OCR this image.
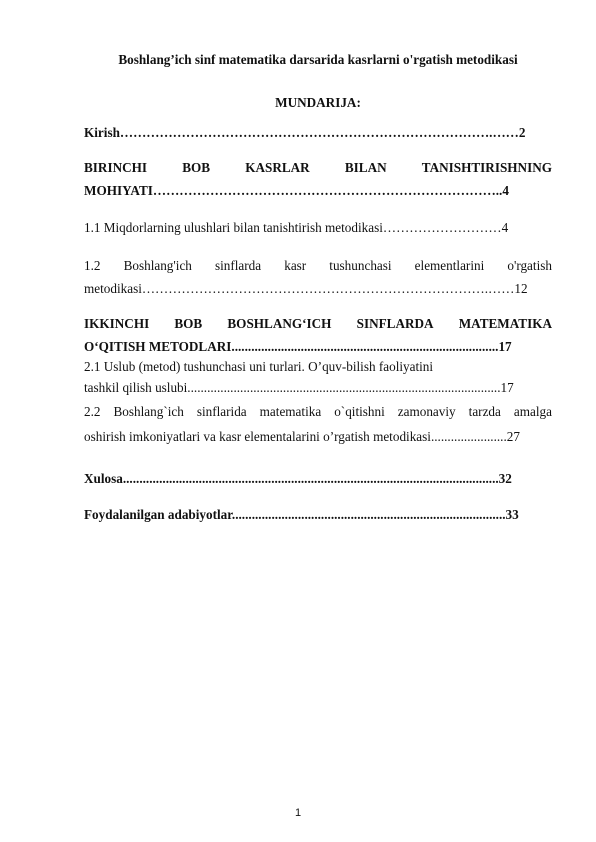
Boshlang’ich sinf matematika darsarida kasrlarni o'rgatish metodikasi
MUNDARIJA:
Kirish………………………………………………………………………….……2
BIRINCHI	BOB	KASRLAR	BILAN	TANISHTIRISHNING
MOHIYATI……………………………………………………………………..4
1.1 Miqdorlarning ulushlari bilan tanishtirish metodikasi………………………4
1.2 Boshlang'ich sinflarda kasr tushunchasi elementlarini o'rgatish
metodikasi…………………………………………………………………….……12
IKKINCHI BOB BOSHLANG‘ICH SINFLARDA MATEMATIKA
O‘QITISH METODLARI.................................................................................17
2.1 Uslub (metod) tushunchasi uni turlari. O’quv-bilish faoliyatini
tashkil qilish uslubi...............................................................................................17
2.2 Boshlang`ich sinflarida matematika o`qitishni zamonaviy tarzda amalga
oshirish imkoniyatlari va kasr elementalarini o’rgatish metodikasi.......................27
Xulosa..................................................................................................................32
Foydalanilgan adabiyotlar...................................................................................33
1
